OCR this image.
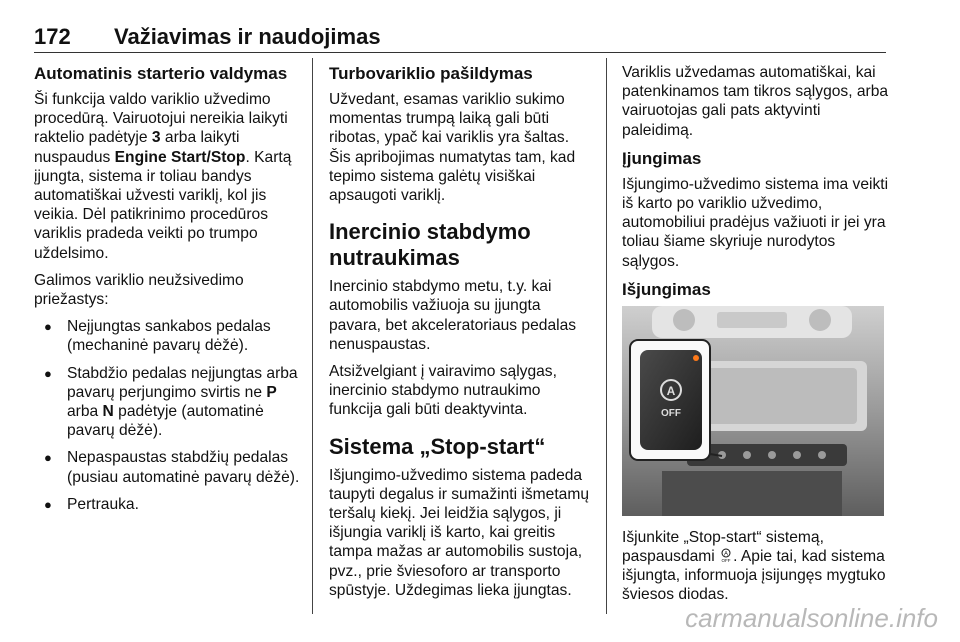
172 Važiavimas ir naudojimas
Automatinis starterio valdymas

Ši funkcija valdo variklio užvedimo procedūrą. Vairuotojui nereikia laikyti raktelio padėtyje 3 arba laikyti nuspaudus Engine Start/Stop. Kartą įjungta, sistema ir toliau bandys automatiškai užvesti variklį, kol jis veikia. Dėl patikrinimo procedūros variklis pradeda veikti po trumpo uždelsimo.

Galimos variklio neužsivedimo priežastys:

● Neįjungtas sankabos pedalas (mechaninė pavarų dėžė).
● Stabdžio pedalas neįjungtas arba pavarų perjungimo svirtis ne P arba N padėtyje (automatinė pavarų dėžė).
● Nepaspaustas stabdžių pedalas (pusiau automatinė pavarų dėžė).
● Pertrauka.
Turbovariklio pašildymas

Užvedant, esamas variklio sukimo momentas trumpą laiką gali būti ribotas, ypač kai variklis yra šaltas. Šis apribojimas numatytas tam, kad tepimo sistema galėtų visiškai apsaugoti variklį.

Inercinio stabdymo nutraukimas

Inercinio stabdymo metu, t.y. kai automobilis važiuoja su įjungta pavara, bet akceleratoriaus pedalas nenuspaustas.

Atsižvelgiant į vairavimo sąlygas, inercinio stabdymo nutraukimo funkcija gali būti deaktyvinta.

Sistema „Stop-start“

Išjungimo-užvedimo sistema padeda taupyti degalus ir sumažinti išmetamų teršalų kiekį. Jei leidžia sąlygos, ji išjungia variklį iš karto, kai greitis tampa mažas ar automobilis sustoja, pvz., prie šviesoforo ar transporto spūstyje. Uždegimas lieka įjungtas.

Variklis užvedamas automatiškai, kai patenkinamos tam tikros sąlygos, arba vairuotojas gali pats aktyvinti paleidimą.

Įjungimas

Išjungimo-užvedimo sistema ima veikti iš karto po variklio užvedimo, automobiliui pradėjus važiuoti ir jei yra toliau šiame skyriuje nurodytos sąlygos.

Išjungimas
A
OFF

Išjunkite „Stop-start“ sistemą, paspausdami A
OFF . Apie tai, kad sistema išjungta, informuoja įsijungęs mygtuko šviesos diodas.

carmanualsonline.info
